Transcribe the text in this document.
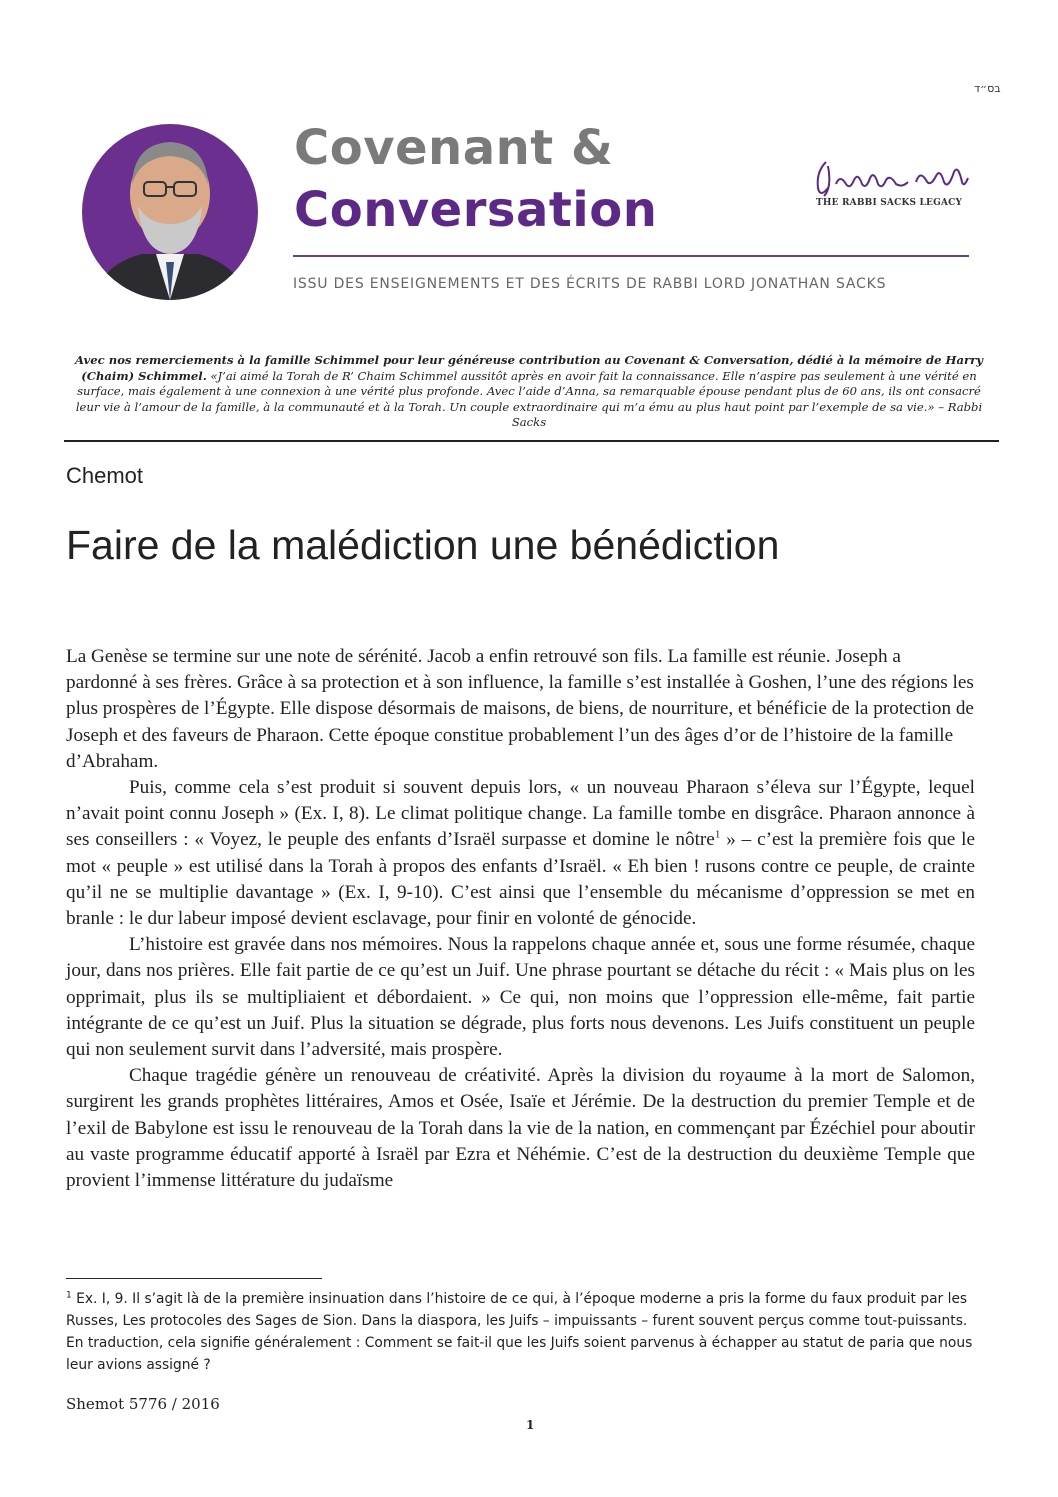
בס״ד
Covenant &
Conversation	THE RABBI SACKS LEGACY
ISSU DES ENSEIGNEMENTS ET DES ÉCRITS DE RABBI LORD JONATHAN SACKS
Avec nos remerciements à la famille Schimmel pour leur généreuse contribution au Covenant & Conversation, dédié à la mémoire de Harry (Chaim) Schimmel. «J’ai aimé la Torah de R’ Chaim Schimmel aussitôt après en avoir fait la connaissance. Elle n’aspire pas seulement à une vérité en surface, mais également à une connexion à une vérité plus profonde. Avec l’aide d’Anna, sa remarquable épouse pendant plus de 60 ans, ils ont consacré leur vie à l’amour de la famille, à la communauté et à la Torah. Un couple extraordinaire qui m’a ému au plus haut point par l’exemple de sa vie.» – Rabbi Sacks
Chemot
Faire de la malédiction une bénédiction

La Genèse se termine sur une note de sérénité. Jacob a enfin retrouvé son fils. La famille est réunie. Joseph a pardonné à ses frères. Grâce à sa protection et à son influence, la famille s’est installée à Goshen, l’une des régions les plus prospères de l’Égypte. Elle dispose désormais de maisons, de biens, de nourriture, et bénéficie de la protection de Joseph et des faveurs de Pharaon. Cette époque constitue probablement l’un des âges d’or de l’histoire de la famille d’Abraham.

Puis, comme cela s’est produit si souvent depuis lors, « un nouveau Pharaon s’éleva sur l’Égypte, lequel n’avait point connu Joseph » (Ex. I, 8). Le climat politique change. La famille tombe en disgrâce. Pharaon annonce à ses conseillers : « Voyez, le peuple des enfants d’Israël surpasse et domine le nôtre$^1$ » – c’est la première fois que le mot « peuple » est utilisé dans la Torah à propos des enfants d’Israël. « Eh bien ! rusons contre ce peuple, de crainte qu’il ne se multiplie davantage » (Ex. I, 9-10). C’est ainsi que l’ensemble du mécanisme d’oppression se met en branle : le dur labeur imposé devient esclavage, pour finir en volonté de génocide.

L’histoire est gravée dans nos mémoires. Nous la rappelons chaque année et, sous une forme résumée, chaque jour, dans nos prières. Elle fait partie de ce qu’est un Juif. Une phrase pourtant se détache du récit : « Mais plus on les opprimait, plus ils se multipliaient et débordaient. » Ce qui, non moins que l’oppression elle-même, fait partie intégrante de ce qu’est un Juif. Plus la situation se dégrade, plus forts nous devenons. Les Juifs constituent un peuple qui non seulement survit dans l’adversité, mais prospère.

Chaque tragédie génère un renouveau de créativité. Après la division du royaume à la mort de Salomon, surgirent les grands prophètes littéraires, Amos et Osée, Isaïe et Jérémie. De la destruction du premier Temple et de l’exil de Babylone est issu le renouveau de la Torah dans la vie de la nation, en commençant par Ézéchiel pour aboutir au vaste programme éducatif apporté à Israël par Ezra et Néhémie. C’est de la destruction du deuxième Temple que provient l’immense littérature du judaïsme

$^1$ Ex. I, 9. Il s’agit là de la première insinuation dans l’histoire de ce qui, à l’époque moderne a pris la forme du faux produit par les Russes, Les protocoles des Sages de Sion. Dans la diaspora, les Juifs – impuissants – furent souvent perçus comme tout-puissants. En traduction, cela signifie généralement : Comment se fait-il que les Juifs soient parvenus à échapper au statut de paria que nous leur avions assigné ?
Shemot 5776 / 2016
1
